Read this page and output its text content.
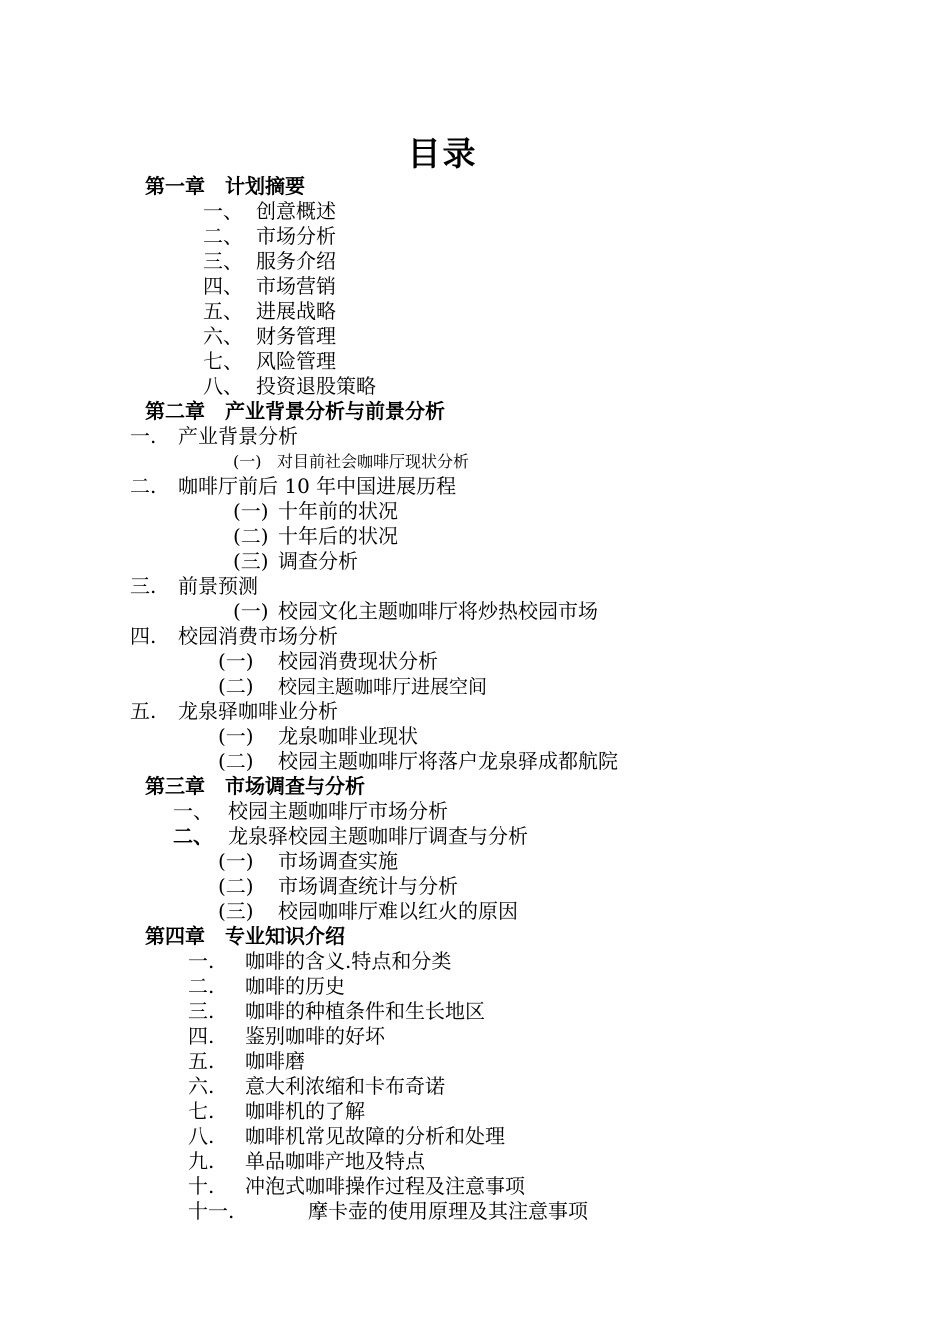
目录
第一章　计划摘要
一、 创意概述
二、 市场分析
三、 服务介绍
四、 市场营销
五、 进展战略
六、 财务管理
七、 风险管理
八、 投资退股策略
第二章　产业背景分析与前景分析
一. 产业背景分析
(一) 对目前社会咖啡厅现状分析
二. 咖啡厅前后 10 年中国进展历程
(一) 十年前的状况
(二) 十年后的状况
(三) 调查分析
三. 前景预测
(一) 校园文化主题咖啡厅将炒热校园市场
四. 校园消费市场分析
(一) 校园消费现状分析
(二) 校园主题咖啡厅进展空间
五. 龙泉驿咖啡业分析
(一) 龙泉咖啡业现状
(二) 校园主题咖啡厅将落户龙泉驿成都航院
第三章　市场调查与分析
一、 校园主题咖啡厅市场分析
二、 龙泉驿校园主题咖啡厅调查与分析
(一) 市场调查实施
(二) 市场调查统计与分析
(三) 校园咖啡厅难以红火的原因
第四章　专业知识介绍
一. 咖啡的含义.特点和分类
二. 咖啡的历史
三. 咖啡的种植条件和生长地区
四. 鉴别咖啡的好坏
五. 咖啡磨
六. 意大利浓缩和卡布奇诺
七. 咖啡机的了解
八. 咖啡机常见故障的分析和处理
九. 单品咖啡产地及特点
十. 冲泡式咖啡操作过程及注意事项
十一.	摩卡壶的使用原理及其注意事项
